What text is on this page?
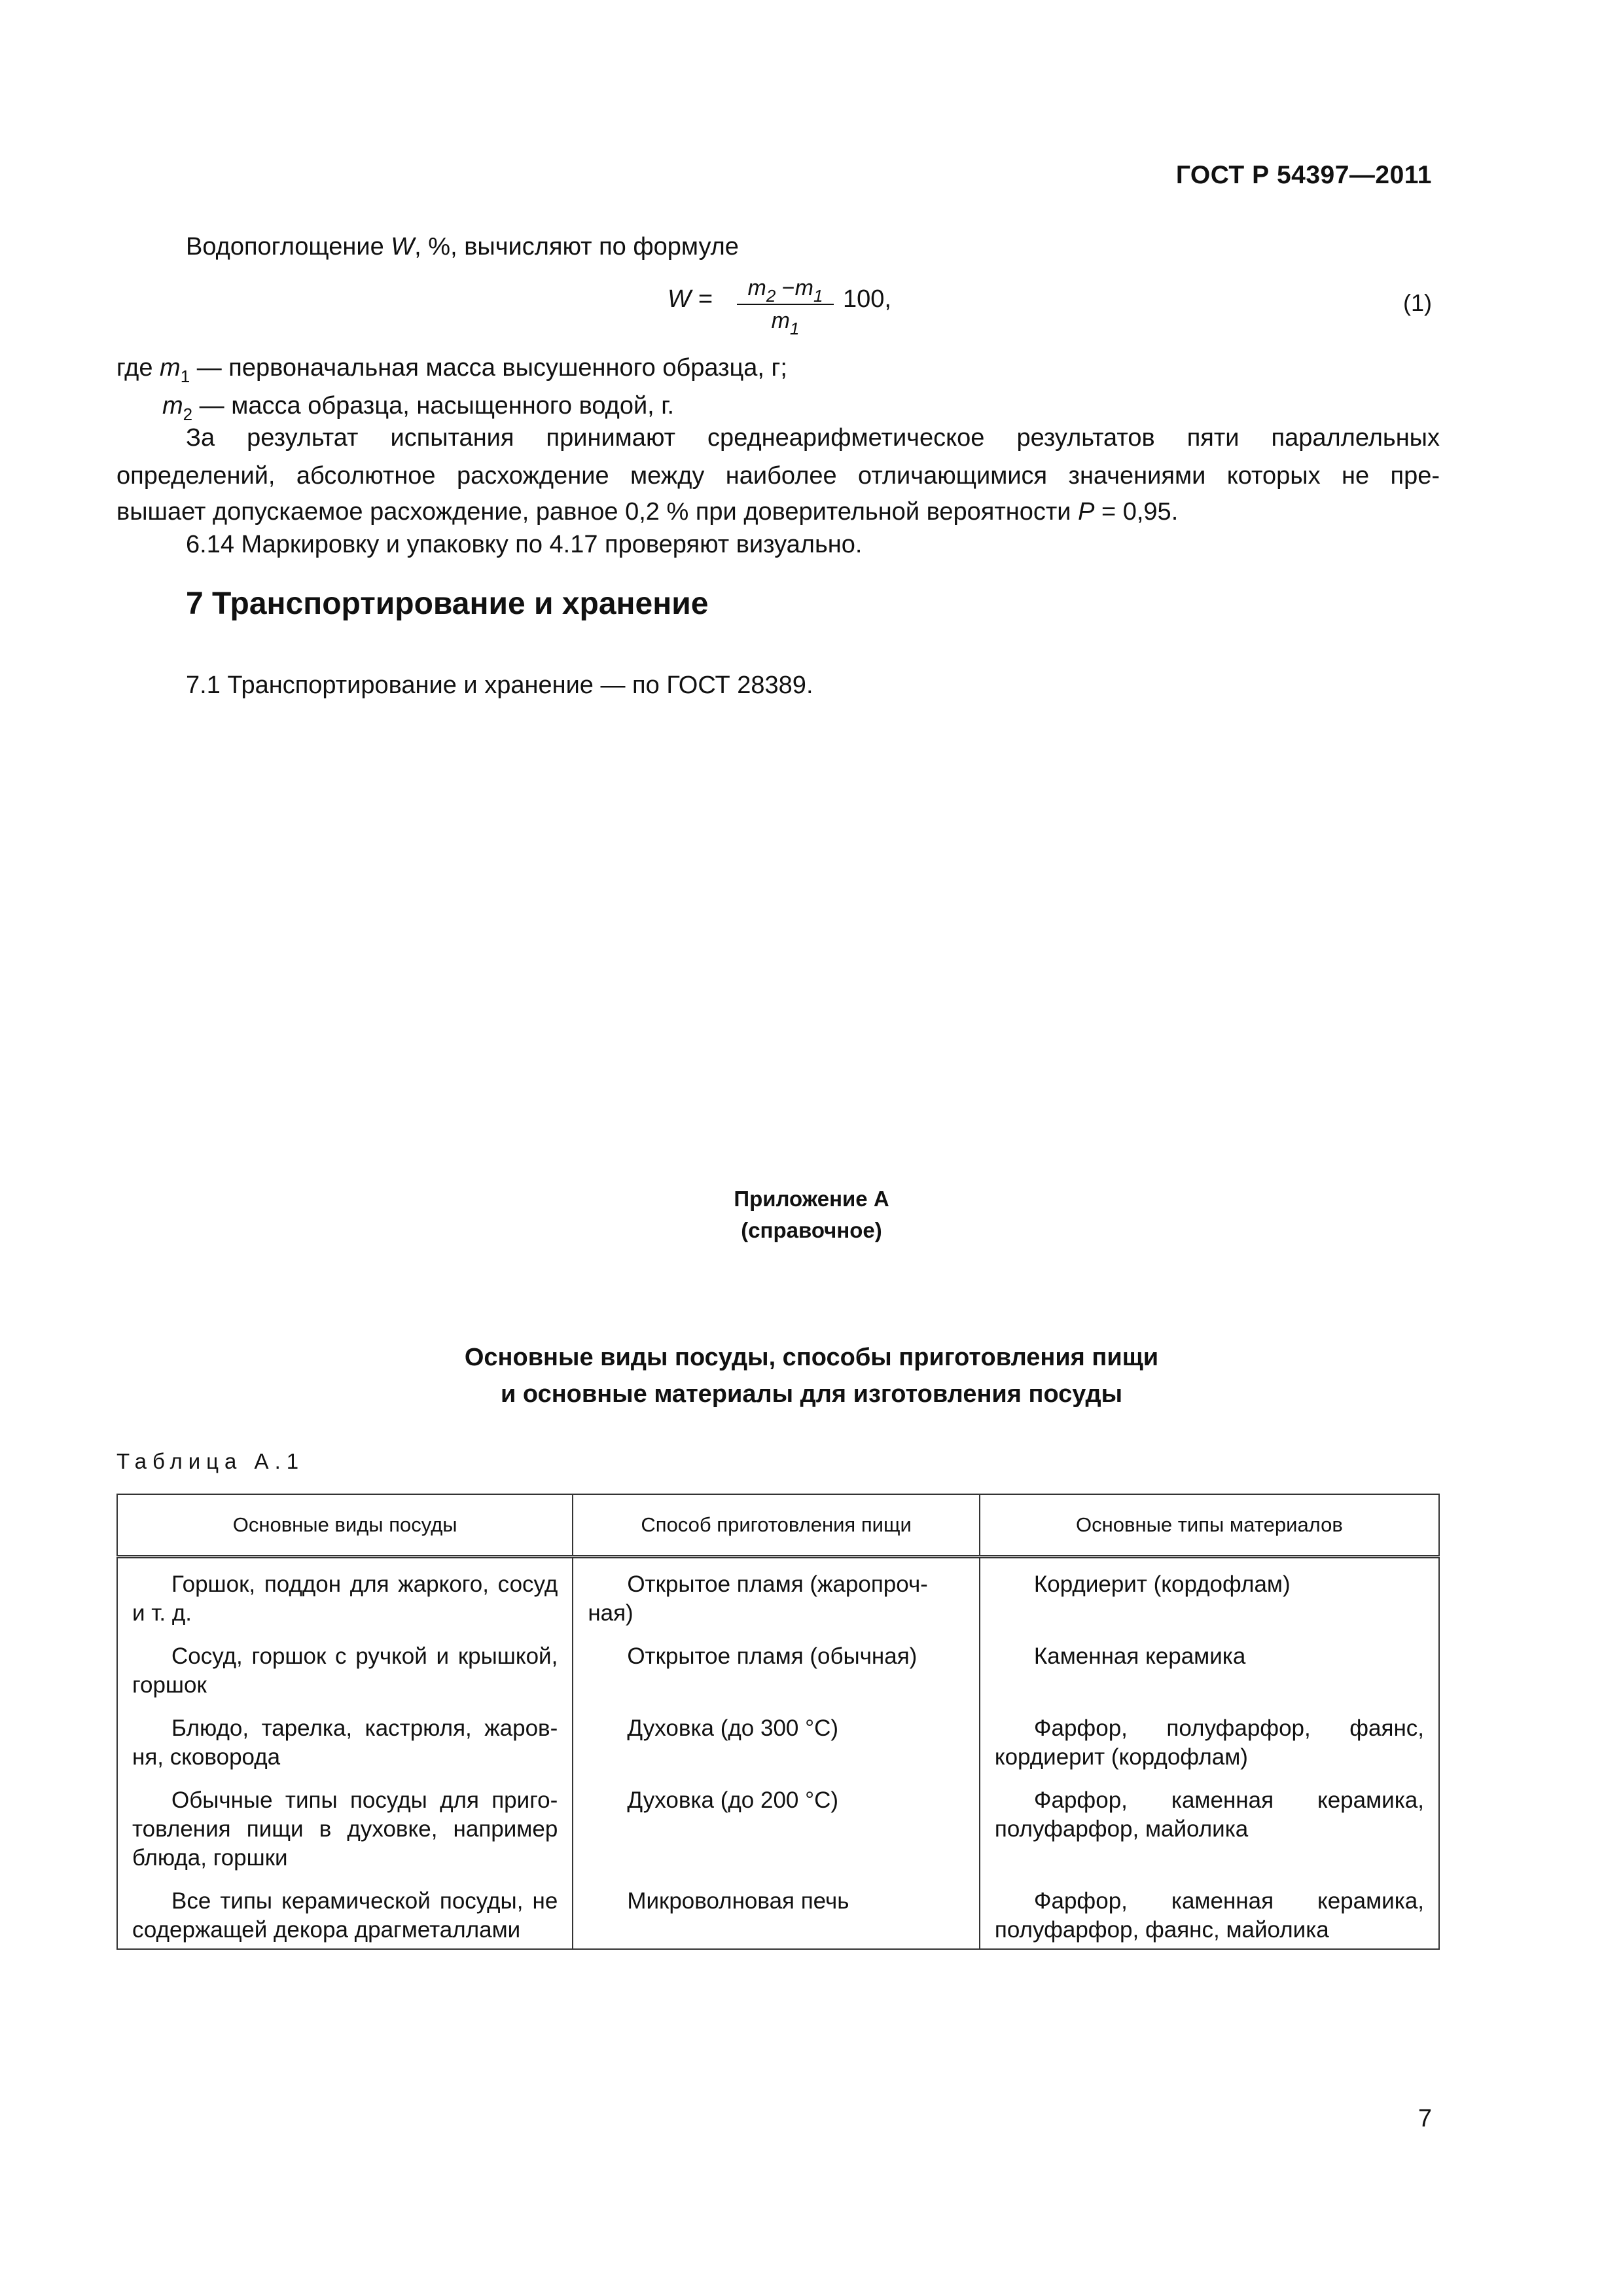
ГОСТ Р 54397—2011
Водопоглощение W, %, вычисляют по формуле
W =	$m_2 -m_1$
$m_1$
100,	(1)
где $m_1$ — первоначальная масса высушенного образца, г;
$m_2$ — масса образца, насыщенного водой, г.
За результат испытания принимают среднеарифметическое результатов пяти параллельных
определений, абсолютное расхождение между наиболее отличающимися значениями которых не пре-
вышает допускаемое расхождение, равное 0,2 % при доверительной вероятности P = 0,95.
6.14 Маркировку и упаковку по 4.17 проверяют визуально.
7 Транспортирование и хранение
7.1 Транспортирование и хранение — по ГОСТ 28389.
Приложение А
(справочное)
Основные виды посуды, способы приготовления пищи
и основные материалы для изготовления посуды
Таблица А.1
Основные виды посуды	Способ приготовления пищи	Основные типы материалов
Горшок, поддон для жаркого, сосуд и т. д.	Открытое пламя (жаропроч-ная)	Кордиерит (кордофлам)
Сосуд, горшок с ручкой и крышкой, горшок	Открытое пламя (обычная)	Каменная керамика
Блюдо, тарелка, кастрюля, жаров-ня, сковорода	Духовка (до 300 °С)	Фарфор, полуфарфор, фаянс, кордиерит (кордофлам)
Обычные типы посуды для приго-товления пищи в духовке, например блюда, горшки	Духовка (до 200 °С)	Фарфор, каменная керамика, полуфарфор, майолика
Все типы керамической посуды, не содержащей декора драгметаллами	Микроволновая печь	Фарфор, каменная керамика, полуфарфор, фаянс, майолика
7
